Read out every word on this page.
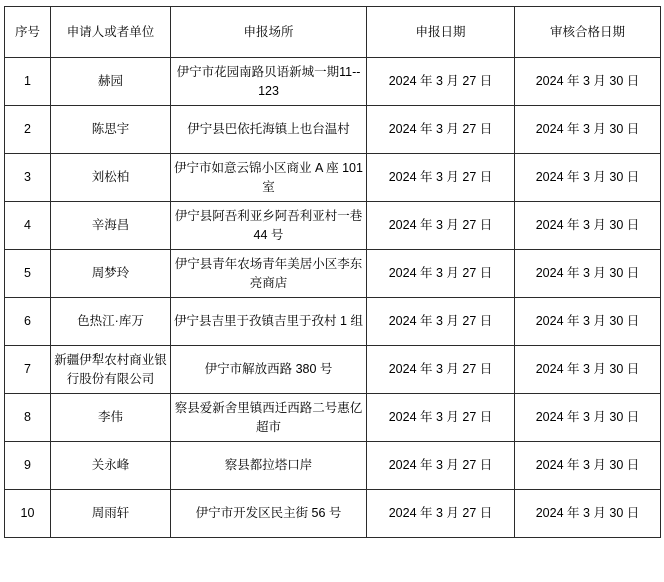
序号	申请人或者单位	申报场所	申报日期	审核合格日期
1	赫园	伊宁市花园南路贝语新城一期11--123	2024 年 3 月 27 日	2024 年 3 月 30 日
2	陈思宇	伊宁县巴依托海镇上也台温村	2024 年 3 月 27 日	2024 年 3 月 30 日
3	刘松柏	伊宁市如意云锦小区商业 A 座 101 室	2024 年 3 月 27 日	2024 年 3 月 30 日
4	辛海昌	伊宁县阿吾利亚乡阿吾利亚村一巷 44 号	2024 年 3 月 27 日	2024 年 3 月 30 日
5	周梦玲	伊宁县青年农场青年美居小区李东亮商店	2024 年 3 月 27 日	2024 年 3 月 30 日
6	色热江·库万	伊宁县吉里于孜镇吉里于孜村 1 组	2024 年 3 月 27 日	2024 年 3 月 30 日
7	新疆伊犁农村商业银行股份有限公司	伊宁市解放西路 380 号	2024 年 3 月 27 日	2024 年 3 月 30 日
8	李伟	察县爱新舍里镇西迁西路二号惠亿超市	2024 年 3 月 27 日	2024 年 3 月 30 日
9	关永峰	察县都拉塔口岸	2024 年 3 月 27 日	2024 年 3 月 30 日
10	周雨轩	伊宁市开发区民主街 56 号	2024 年 3 月 27 日	2024 年 3 月 30 日
